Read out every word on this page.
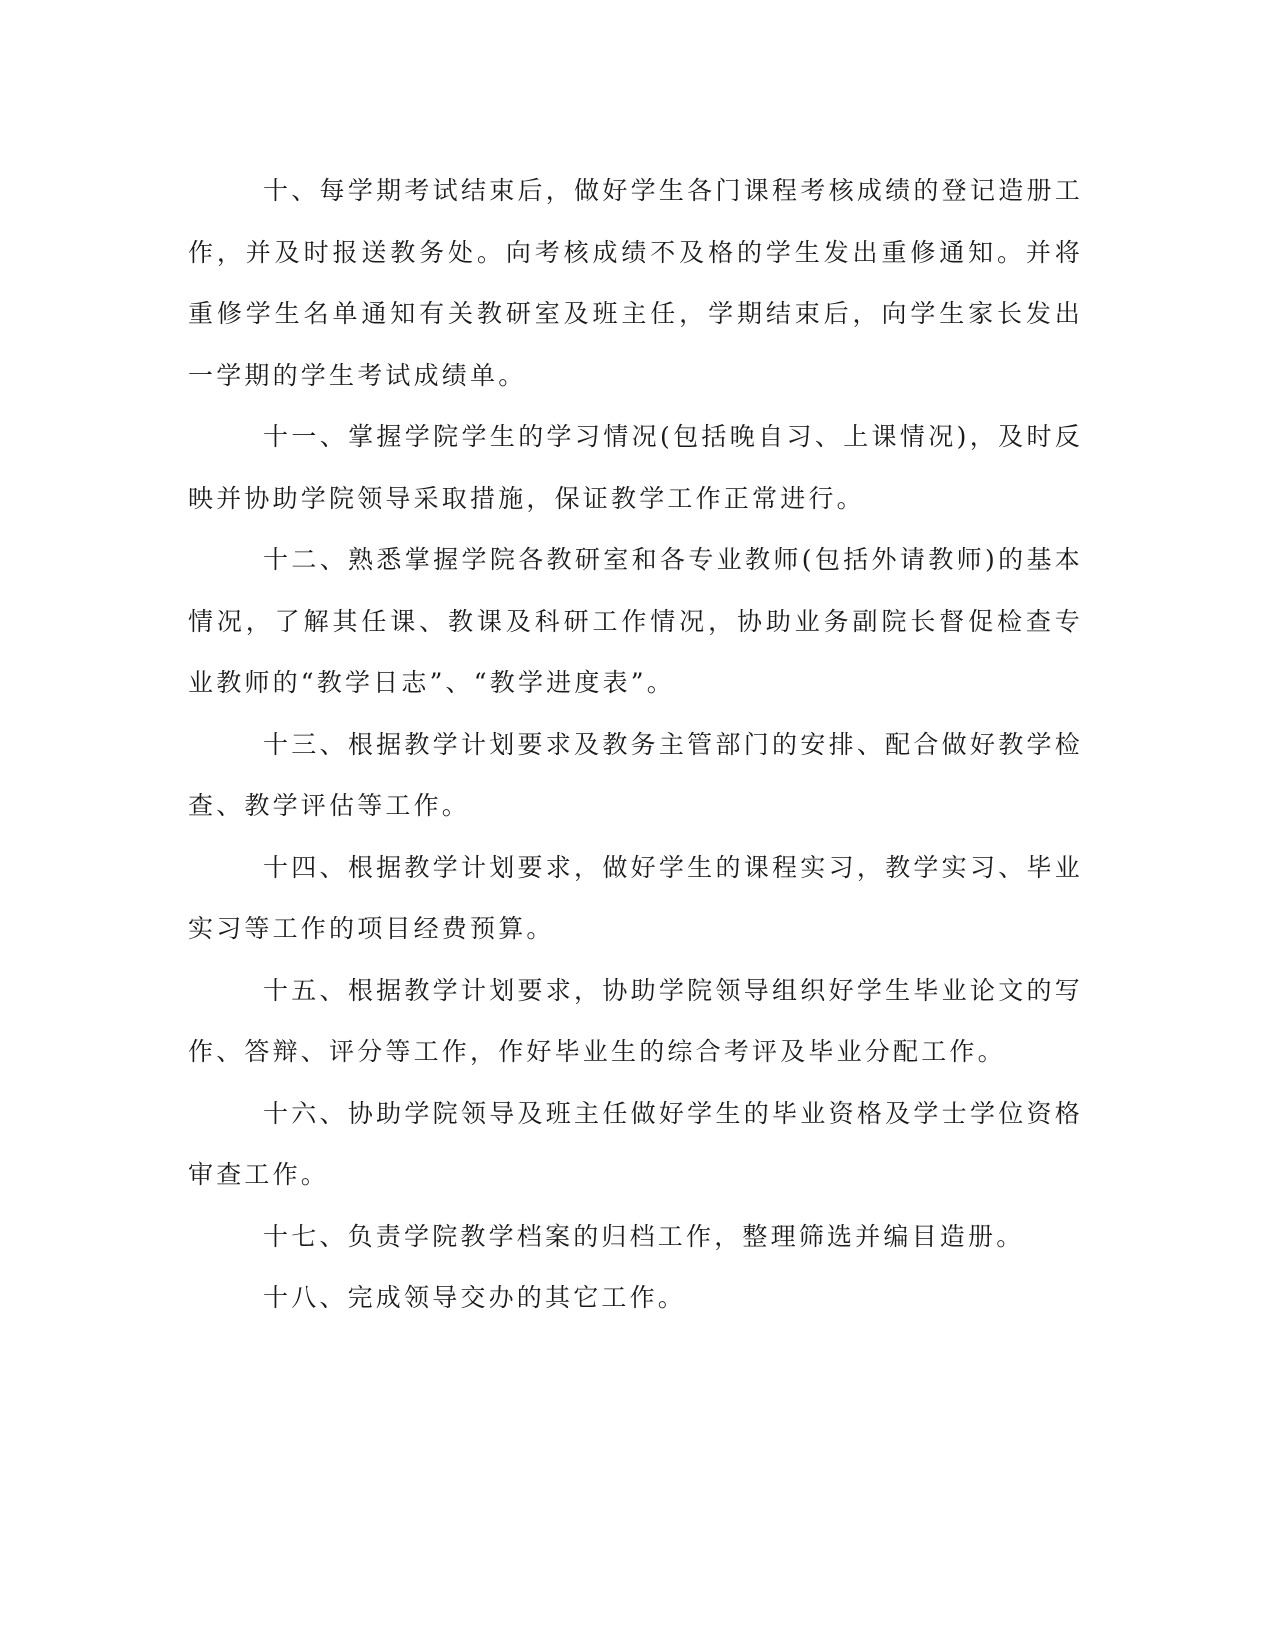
十、每学期考试结束后，做好学生各门课程考核成绩的登记造册工作，并及时报送教务处。向考核成绩不及格的学生发出重修通知。并将重修学生名单通知有关教研室及班主任，学期结束后，向学生家长发出一学期的学生考试成绩单。

十一、掌握学院学生的学习情况(包括晚自习、上课情况)，及时反映并协助学院领导采取措施，保证教学工作正常进行。

十二、熟悉掌握学院各教研室和各专业教师(包括外请教师)的基本情况，了解其任课、教课及科研工作情况，协助业务副院长督促检查专业教师的“教学日志”、“教学进度表”。

十三、根据教学计划要求及教务主管部门的安排、配合做好教学检查、教学评估等工作。

十四、根据教学计划要求，做好学生的课程实习，教学实习、毕业实习等工作的项目经费预算。

十五、根据教学计划要求，协助学院领导组织好学生毕业论文的写作、答辩、评分等工作，作好毕业生的综合考评及毕业分配工作。

十六、协助学院领导及班主任做好学生的毕业资格及学士学位资格审查工作。

十七、负责学院教学档案的归档工作，整理筛选并编目造册。

十八、完成领导交办的其它工作。
